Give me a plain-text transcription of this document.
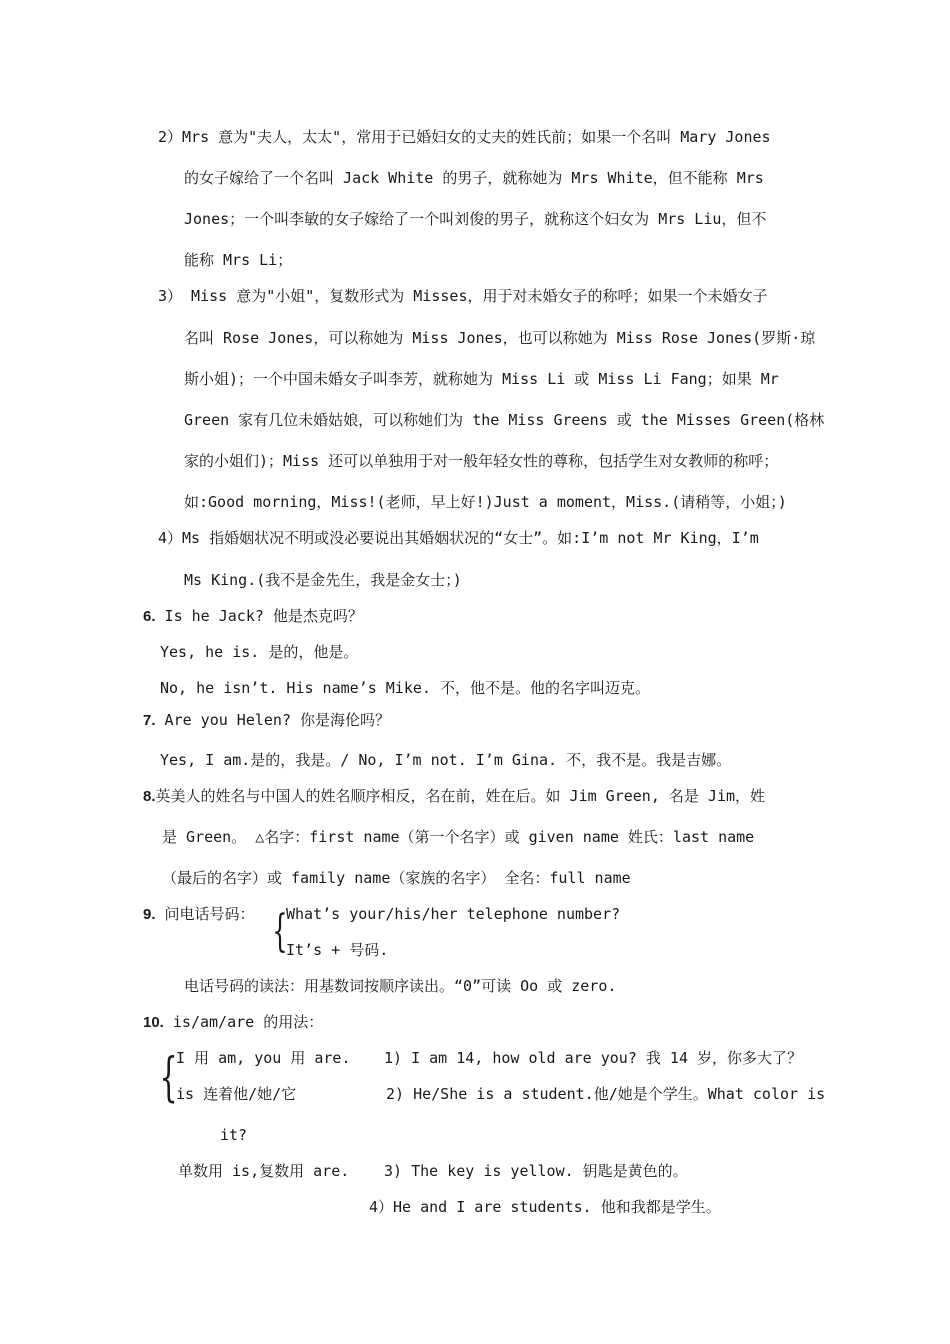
2）Mrs 意为"夫人，太太"，常用于已婚妇女的丈夫的姓氏前；如果一个名叫 Mary Jones
的女子嫁给了一个名叫 Jack White 的男子，就称她为 Mrs White，但不能称 Mrs
Jones；一个叫李敏的女子嫁给了一个叫刘俊的男子，就称这个妇女为 Mrs Liu，但不
能称 Mrs Li；
3） Miss 意为"小姐"，复数形式为 Misses，用于对未婚女子的称呼；如果一个未婚女子
名叫 Rose Jones，可以称她为 Miss Jones，也可以称她为 Miss Rose Jones(罗斯·琼
斯小姐)；一个中国未婚女子叫李芳，就称她为 Miss Li 或 Miss Li Fang；如果 Mr
Green 家有几位未婚姑娘，可以称她们为 the Miss Greens 或 the Misses Green(格林
家的小姐们)；Miss 还可以单独用于对一般年轻女性的尊称，包括学生对女教师的称呼；
如:Good morning，Miss!(老师，早上好!)Just a moment，Miss.(请稍等，小姐；)
4）Ms 指婚姻状况不明或没必要说出其婚姻状况的“女士”。如:I’m not Mr King，I’m
Ms King.(我不是金先生，我是金女士；)
6. Is he Jack? 他是杰克吗？
Yes, he is. 是的，他是。
No, he isn’t. His name’s Mike. 不，他不是。他的名字叫迈克。
7. Are you Helen? 你是海伦吗？
Yes, I am.是的，我是。/ No, I’m not. I’m Gina. 不，我不是。我是吉娜。
8.英美人的姓名与中国人的姓名顺序相反，名在前，姓在后。如 Jim Green, 名是 Jim，姓
是 Green。 △名字：first name（第一个名字）或 given name 姓氏：last name
（最后的名字）或 family name（家族的名字） 全名：full name
9. 问电话号码： {
What’s your/his/her telephone number?
It’s + 号码.
电话号码的读法：用基数词按顺序读出。“0”可读 Oo 或 zero.
10. is/am/are 的用法：
{
I 用 am, you 用 are.
is 连着他/她/它
单数用 is,复数用 are.
1) I am 14, how old are you? 我 14 岁，你多大了？
2) He/She is a student.他/她是个学生。What color is
it?
3) The key is yellow. 钥匙是黄色的。
4）He and I are students. 他和我都是学生。
